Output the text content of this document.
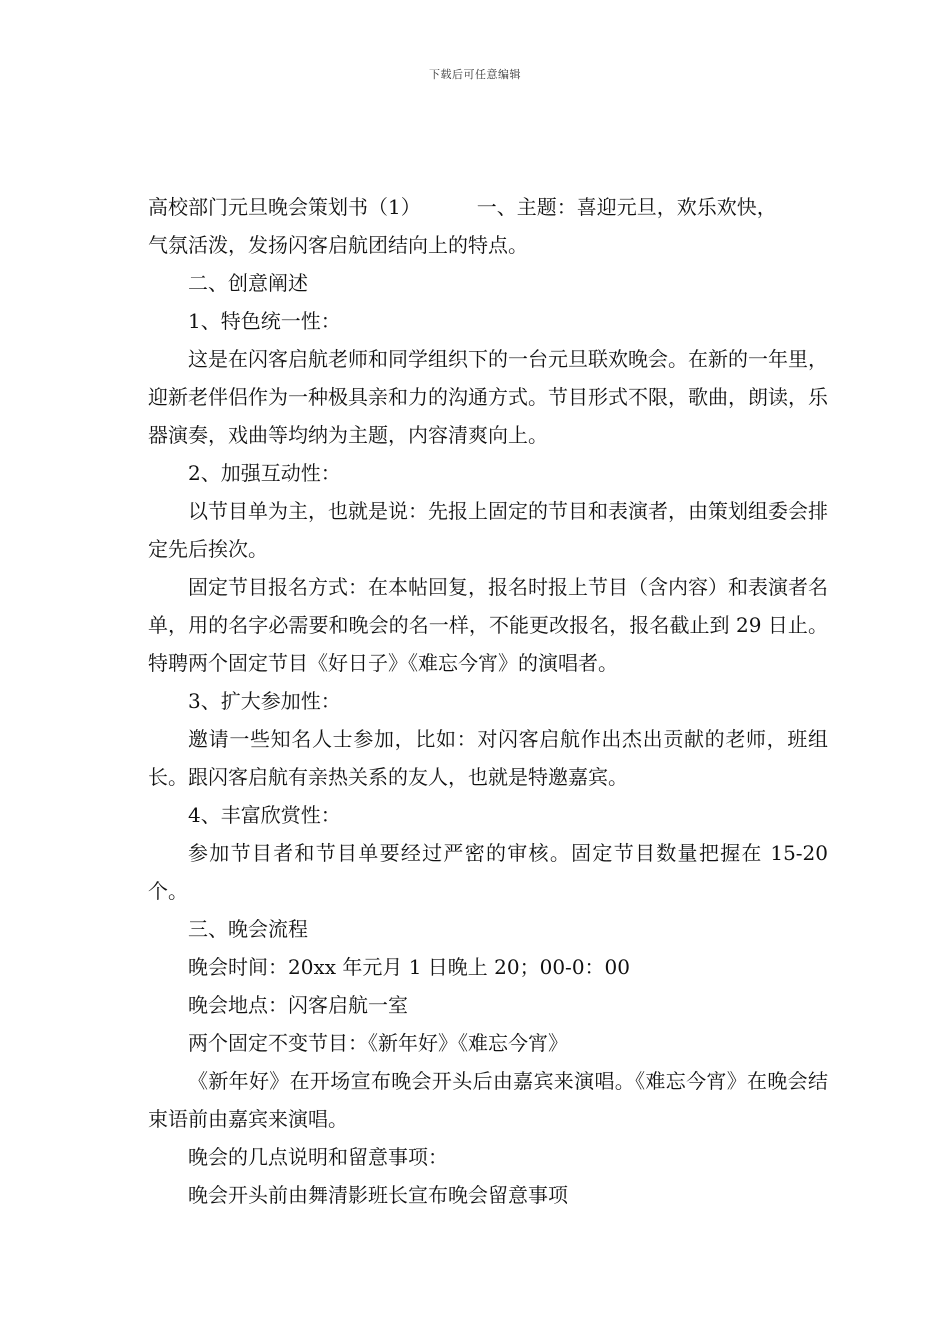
下载后可任意编辑

高校部门元旦晚会策划书（1）	一、主题：喜迎元旦，欢乐欢快，

气氛活泼，发扬闪客启航团结向上的特点。

二、创意阐述

1、特色统一性：

这是在闪客启航老师和同学组织下的一台元旦联欢晚会。在新的一年里，迎新老伴侣作为一种极具亲和力的沟通方式。节目形式不限，歌曲，朗读，乐器演奏，戏曲等均纳为主题，内容清爽向上。

2、加强互动性：

以节目单为主，也就是说：先报上固定的节目和表演者，由策划组委会排定先后挨次。

固定节目报名方式：在本帖回复，报名时报上节目（含内容）和表演者名单，用的名字必需要和晚会的名一样，不能更改报名，报名截止到 29 日止。特聘两个固定节目《好日子》《难忘今宵》的演唱者。

3、扩大参加性：

邀请一些知名人士参加，比如：对闪客启航作出杰出贡献的老师，班组长。跟闪客启航有亲热关系的友人，也就是特邀嘉宾。

4、丰富欣赏性：

参加节目者和节目单要经过严密的审核。固定节目数量把握在 15-20 个。

三、晚会流程

晚会时间：20xx 年元月 1 日晚上 20；00-0：00

晚会地点：闪客启航一室

两个固定不变节目：《新年好》《难忘今宵》

《新年好》在开场宣布晚会开头后由嘉宾来演唱。《难忘今宵》在晚会结束语前由嘉宾来演唱。

晚会的几点说明和留意事项：

晚会开头前由舞清影班长宣布晚会留意事项
